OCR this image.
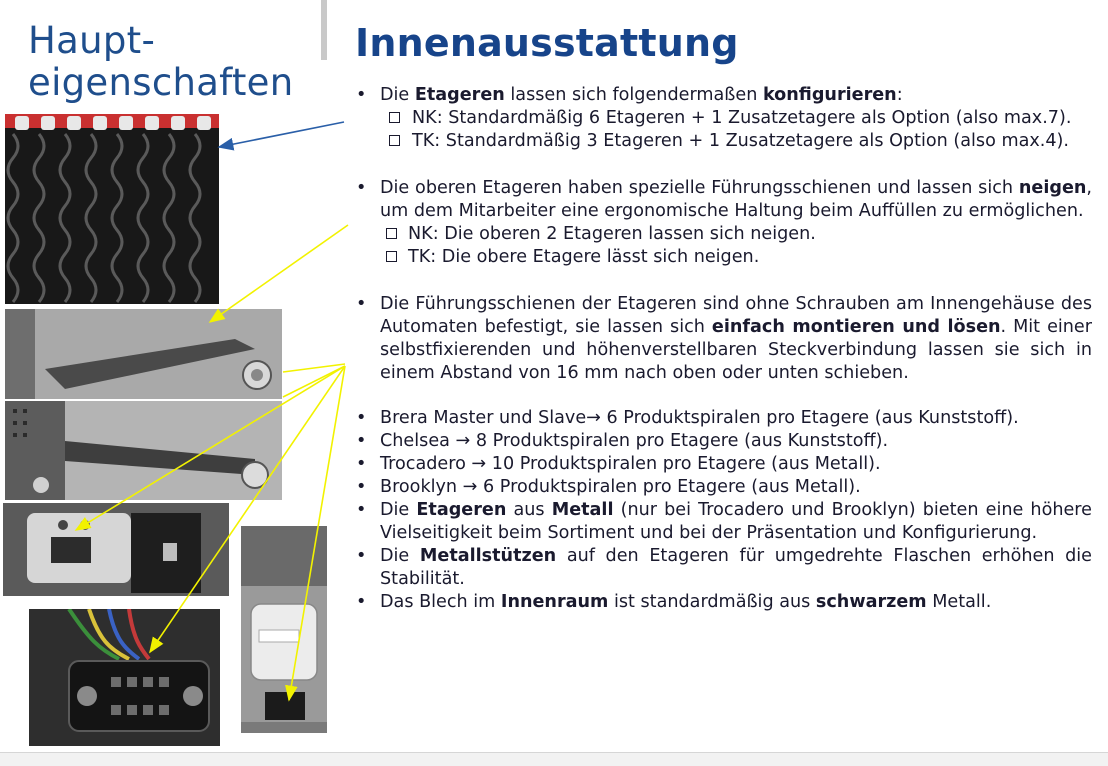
Haupt-
eigenschaften
Innenausstattung
• Die Etageren lassen sich folgendermaßen konfigurieren:
NK: Standardmäßig 6 Etageren + 1 Zusatzetagere als Option (also max.7).
TK: Standardmäßig 3 Etageren + 1 Zusatzetagere als Option (also max.4).
• Die oberen Etageren haben spezielle Führungsschienen und lassen sich neigen, um dem Mitarbeiter eine ergonomische Haltung beim Auffüllen zu ermöglichen.
NK: Die oberen 2 Etageren lassen sich neigen.
TK: Die obere Etagere lässt sich neigen.
• Die Führungsschienen der Etageren sind ohne Schrauben am Innengehäuse des Automaten befestigt, sie lassen sich einfach montieren und lösen. Mit einer selbstfixierenden und höhenverstellbaren Steckverbindung lassen sie sich in einem Abstand von 16 mm nach oben oder unten schieben.
• Brera Master und Slave→ 6 Produktspiralen pro Etagere (aus Kunststoff).
• Chelsea → 8 Produktspiralen pro Etagere (aus Kunststoff).
• Trocadero → 10 Produktspiralen pro Etagere (aus Metall).
• Brooklyn → 6 Produktspiralen pro Etagere (aus Metall).
• Die Etageren aus Metall (nur bei Trocadero und Brooklyn) bieten eine höhere Vielseitigkeit beim Sortiment und bei der Präsentation und Konfigurierung.
• Die Metallstützen auf den Etageren für umgedrehte Flaschen erhöhen die Stabilität.
• Das Blech im Innenraum ist standardmäßig aus schwarzem Metall.
